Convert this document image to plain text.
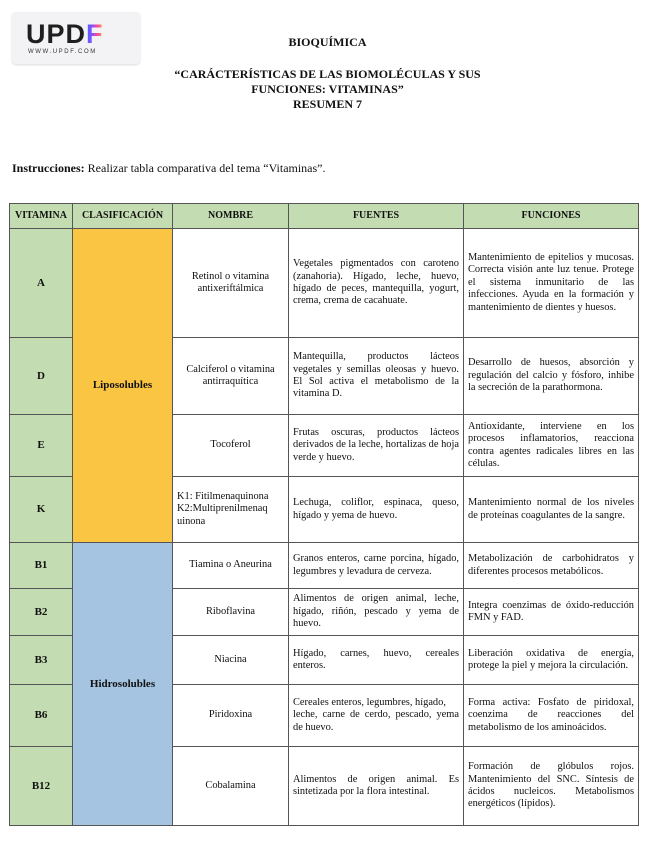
UPDF
WWW.UPDF.COM
BIOQUÍMICA
“CARÁCTERÍSTICAS DE LAS BIOMOLÉCULAS Y SUS
FUNCIONES: VITAMINAS”
RESUMEN 7
Instrucciones: Realizar tabla comparativa del tema “Vitaminas”.
VITAMINA	CLASIFICACIÓN	NOMBRE	FUENTES	FUNCIONES
A	Liposolubles	Retinol o vitamina antixeriftálmica	Vegetales pigmentados con caroteno (zanahoria). Hígado, leche, huevo, hígado de peces, mantequilla, yogurt, crema, crema de cacahuate.	Mantenimiento de epitelios y mucosas. Correcta visión ante luz tenue. Protege el sistema inmunitario de las infecciones. Ayuda en la formación y mantenimiento de dientes y huesos.
D		Calciferol o vitamina antirraquítica	Mantequilla, productos lácteos vegetales y semillas oleosas y huevo. El Sol activa el metabolismo de la vitamina D.	Desarrollo de huesos, absorción y regulación del calcio y fósforo, inhibe la secreción de la parathormona.
E		Tocoferol	Frutas oscuras, productos lácteos derivados de la leche, hortalizas de hoja verde y huevo.	Antioxidante, interviene en los procesos inflamatorios, reacciona contra agentes radicales libres en las células.
K		K1: Fitilmenaquinona
K2:Multiprenilmenaq uinona	Lechuga, coliflor, espinaca, queso, hígado y yema de huevo.	Mantenimiento normal de los niveles de proteínas coagulantes de la sangre.
B1	Hidrosolubles	Tiamina o Aneurina	Granos enteros, carne porcina, hígado, legumbres y levadura de cerveza.	Metabolización de carbohidratos y diferentes procesos metabólicos.
B2		Riboflavina	Alimentos de origen animal, leche, hígado, riñón, pescado y yema de huevo.	Integra coenzimas de óxido-reducción FMN y FAD.
B3		Niacina	Hígado, carnes, huevo, cereales enteros.	Liberación oxidativa de energía, protege la piel y mejora la circulación.
B6		Piridoxina	Cereales enteros, legumbres, hígado,
leche, carne de cerdo, pescado, yema de huevo.	Forma activa: Fosfato de piridoxal, coenzima de reacciones del metabolismo de los aminoácidos.
B12		Cobalamina	Alimentos de origen animal. Es sintetizada por la flora intestinal.	Formación de glóbulos rojos. Mantenimiento del SNC. Síntesis de ácidos nucleicos. Metabolismos energéticos (lípidos).
